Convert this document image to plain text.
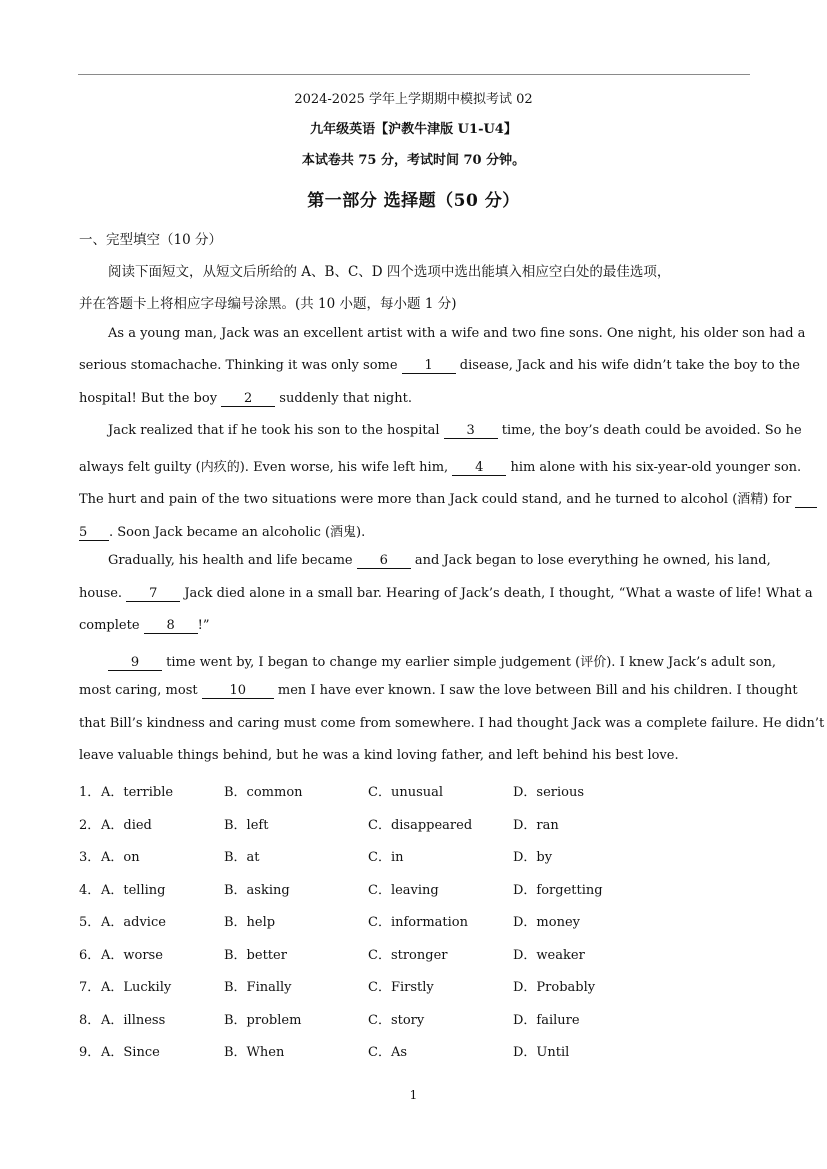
2024-2025 学年上学期期中模拟考试 02
九年级英语【沪教牛津版 U1-U4】
本试卷共 75 分，考试时间 70 分钟。
第一部分 选择题（50 分）
一、完型填空（10 分）
阅读下面短文，从短文后所给的 A、B、C、D 四个选项中选出能填入相应空白处的最佳选项，
并在答题卡上将相应字母编号涂黑。(共 10 小题，每小题 1 分)
As a young man, Jack was an excellent artist with a wife and two fine sons. One night, his older son had a
serious stomachache. Thinking it was only some 1 disease, Jack and his wife didn’t take the boy to the
hospital! But the boy 2 suddenly that night.
Jack realized that if he took his son to the hospital 3 time, the boy’s death could be avoided. So he
always felt guilty (内疚的). Even worse, his wife left him, 4 him alone with his six-year-old younger son.
The hurt and pain of the two situations were more than Jack could stand, and he turned to alcohol (酒精) for
5 . Soon Jack became an alcoholic (酒鬼).
Gradually, his health and life became 6 and Jack began to lose everything he owned, his land,
house. 7 Jack died alone in a small bar. Hearing of Jack’s death, I thought, “What a waste of life! What a
complete 8 !”
9 time went by, I began to change my earlier simple judgement (评价). I knew Jack’s adult son,
most caring, most 10 men I have ever known. I saw the love between Bill and his children. I thought
that Bill’s kindness and caring must come from somewhere. I had thought Jack was a complete failure. He didn’t
leave valuable things behind, but he was a kind loving father, and left behind his best love.
1． A．terrible	B．common	C．unusual	D．serious
2． A．died	B．left	C．disappeared	D．ran
3． A．on	B．at	C．in	D．by
4． A．telling	B．asking	C．leaving	D．forgetting
5． A．advice	B．help	C．information	D．money
6． A．worse	B．better	C．stronger	D．weaker
7． A．Luckily	B．Finally	C．Firstly	D．Probably
8． A．illness	B．problem	C．story	D．failure
9． A．Since	B．When	C．As	D．Until
1
